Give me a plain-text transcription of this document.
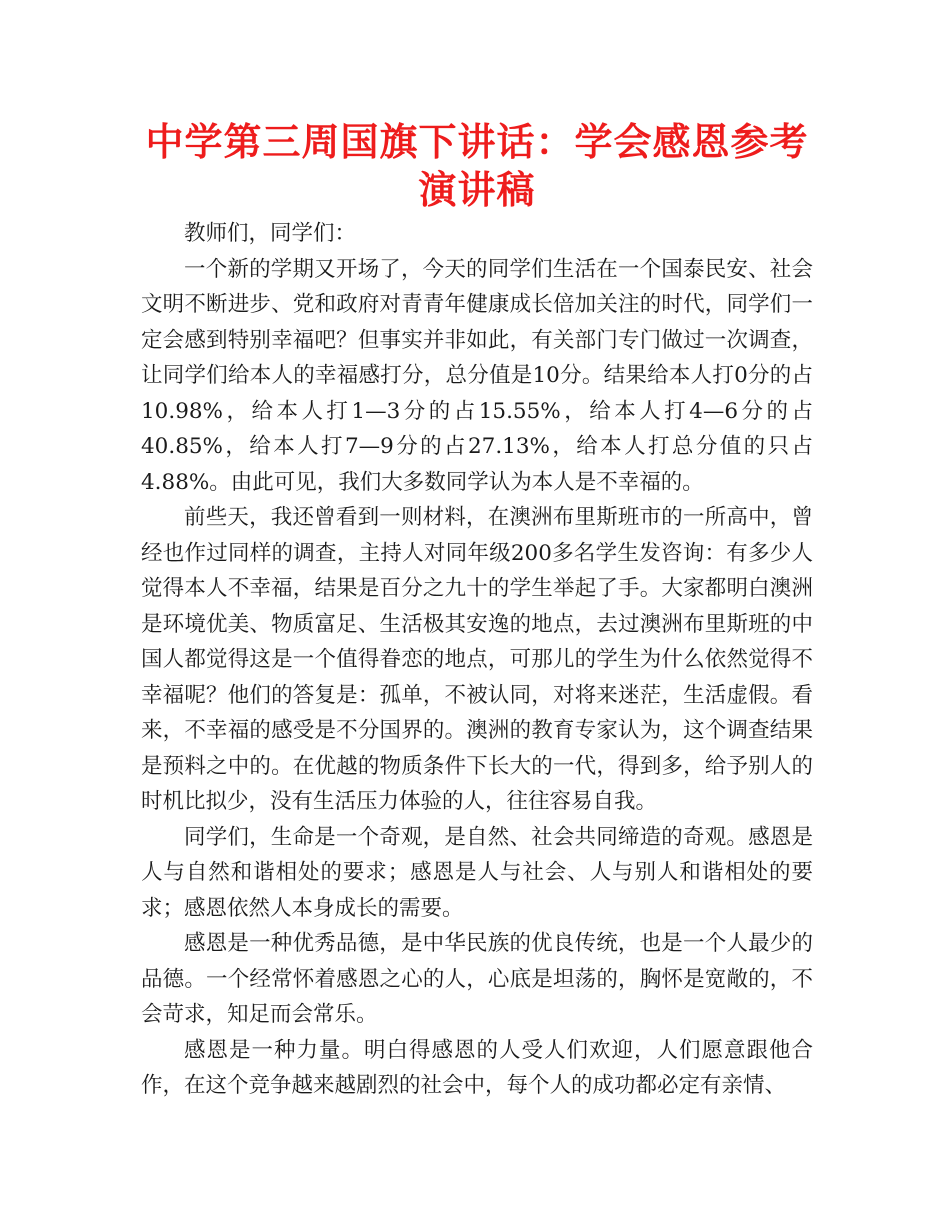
中学第三周国旗下讲话：学会感恩参考演讲稿

教师们，同学们：

一个新的学期又开场了，今天的同学们生活在一个国泰民安、社会文明不断进步、党和政府对青青年健康成长倍加关注的时代，同学们一定会感到特别幸福吧？但事实并非如此，有关部门专门做过一次调查，让同学们给本人的幸福感打分，总分值是10分。结果给本人打0分的占10.98%，给本人打1—3分的占15.55%，给本人打4—6分的占40.85%，给本人打7—9分的占27.13%，给本人打总分值的只占4.88%。由此可见，我们大多数同学认为本人是不幸福的。

前些天，我还曾看到一则材料，在澳洲布里斯班市的一所高中，曾经也作过同样的调查，主持人对同年级200多名学生发咨询：有多少人觉得本人不幸福，结果是百分之九十的学生举起了手。大家都明白澳洲是环境优美、物质富足、生活极其安逸的地点，去过澳洲布里斯班的中国人都觉得这是一个值得眷恋的地点，可那儿的学生为什么依然觉得不幸福呢？他们的答复是：孤单，不被认同，对将来迷茫，生活虚假。看来，不幸福的感受是不分国界的。澳洲的教育专家认为，这个调查结果是预料之中的。在优越的物质条件下长大的一代，得到多，给予别人的时机比拟少，没有生活压力体验的人，往往容易自我。

同学们，生命是一个奇观，是自然、社会共同缔造的奇观。感恩是人与自然和谐相处的要求；感恩是人与社会、人与别人和谐相处的要求；感恩依然人本身成长的需要。

感恩是一种优秀品德，是中华民族的优良传统，也是一个人最少的品德。一个经常怀着感恩之心的人，心底是坦荡的，胸怀是宽敞的，不会苛求，知足而会常乐。

感恩是一种力量。明白得感恩的人受人们欢迎，人们愿意跟他合作，在这个竞争越来越剧烈的社会中，每个人的成功都必定有亲情、
